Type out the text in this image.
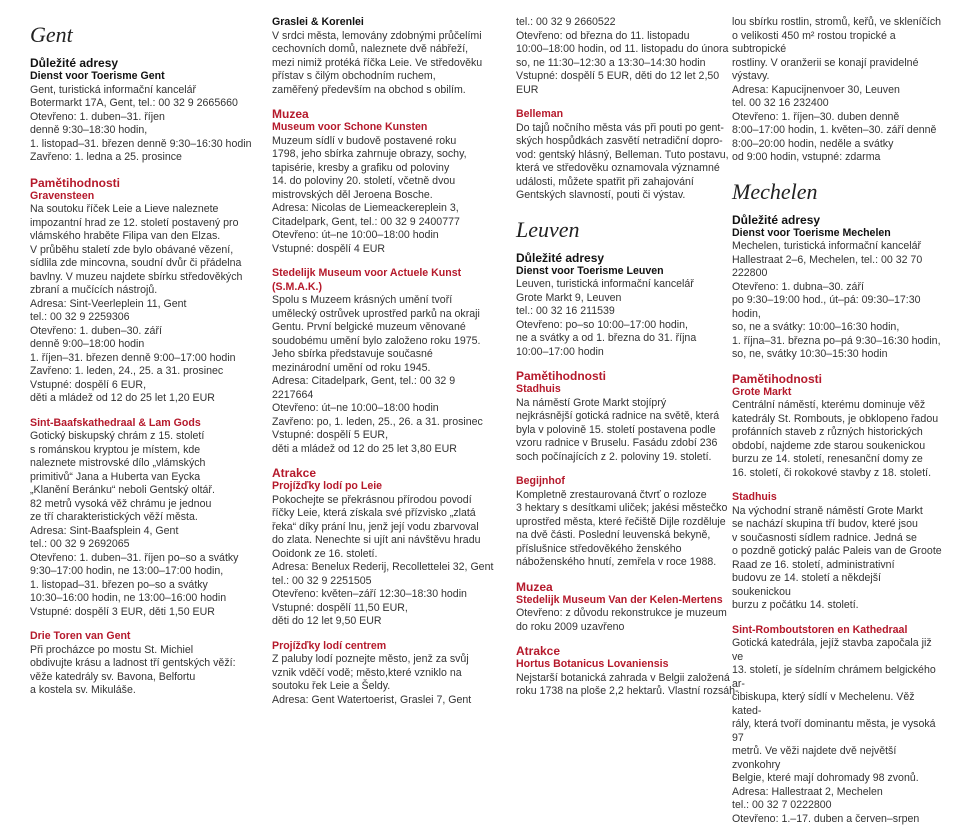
Gent
Důležité adresy
Dienst voor Toerisme Gent
Gent, turistická informační kancelář
Botermarkt 17A, Gent, tel.: 00 32 9 2665660
Otevřeno: 1. duben–31. říjen
denně 9:30–18:30 hodin,
1. listopad–31. březen denně 9:30–16:30 hodin
Zavřeno: 1. ledna a 25. prosince
Pamětihodnosti
Gravensteen
Na soutoku říček Leie a Lieve naleznete
impozantní hrad ze 12. století postavený pro
vlámského hraběte Filipa van den Elzas.
V průběhu staletí zde bylo obávané vězení,
sídlila zde mincovna, soudní dvůr či přádelna
bavlny. V muzeu najdete sbírku středověkých
zbraní a mučících nástrojů.
Adresa: Sint-Veerleplein 11, Gent
tel.: 00 32 9 2259306
Otevřeno: 1. duben–30. září
denně 9:00–18:00 hodin
1. říjen–31. březen denně 9:00–17:00 hodin
Zavřeno: 1. leden, 24., 25. a 31. prosinec
Vstupné: dospělí 6 EUR,
děti a mládež od 12 do 25 let 1,20 EUR
Sint-Baafskathedraal & Lam Gods
Gotický biskupský chrám z 15. století
s románskou kryptou je místem, kde
naleznete mistrovské dílo „vlámských
primitivů“ Jana a Huberta van Eycka
„Klanění Beránku“ neboli Gentský oltář.
82 metrů vysoká věž chrámu je jednou
ze tří charakteristických věží města.
Adresa: Sint-Baafsplein 4, Gent
tel.: 00 32 9 2692065
Otevřeno: 1. duben–31. říjen po–so a svátky
9:30–17:00 hodin, ne 13:00–17:00 hodin,
1. listopad–31. březen po–so a svátky
10:30–16:00 hodin, ne 13:00–16:00 hodin
Vstupné: dospělí 3 EUR, děti 1,50 EUR
Drie Toren van Gent
Při procházce po mostu St. Michiel
obdivujte krásu a ladnost tří gentských věží:
věže katedrály sv. Bavona, Belfortu
a kostela sv. Mikuláše.
Graslei & Korenlei
V srdci města, lemovány zdobnými průčelími
cechovních domů, naleznete dvě nábřeží,
mezi nimiž protéká říčka Leie. Ve středověku
přístav s čilým obchodním ruchem,
zaměřený především na obchod s obilím.
Muzea
Museum voor Schone Kunsten
Muzeum sídlí v budově postavené roku
1798, jeho sbírka zahrnuje obrazy, sochy,
tapisérie, kresby a grafiku od poloviny
14. do poloviny 20. století, včetně dvou
mistrovských děl Jeroena Bosche.
Adresa: Nicolas de Liemeackereplein 3,
Citadelpark, Gent, tel.: 00 32 9 2400777
Otevřeno: út–ne 10:00–18:00 hodin
Vstupné: dospělí 4 EUR
Stedelijk Museum voor Actuele Kunst (S.M.A.K.)
Spolu s Muzeem krásných umění tvoří
umělecký ostrůvek uprostřed parků na okraji
Gentu. První belgické muzeum věnované
soudobému umění bylo založeno roku 1975.
Jeho sbírka představuje současné
mezinárodní umění od roku 1945.
Adresa: Citadelpark, Gent, tel.: 00 32 9 2217664
Otevřeno: út–ne 10:00–18:00 hodin
Zavřeno: po, 1. leden, 25., 26. a 31. prosinec
Vstupné: dospělí 5 EUR,
děti a mládež od 12 do 25 let 3,80 EUR
Atrakce
Projížďky lodí po Leie
Pokochejte se překrásnou přírodou povodí
říčky Leie, která získala své přízvisko „zlatá
řeka“ díky prání lnu, jenž její vodu zbarvoval
do zlata. Nenechte si ujít ani návštěvu hradu
Ooidonk ze 16. století.
Adresa: Benelux Rederij, Recollettelei 32, Gent
tel.: 00 32 9 2251505
Otevřeno: květen–září 12:30–18:30 hodin
Vstupné: dospělí 11,50 EUR,
děti do 12 let 9,50 EUR
Projížďky lodí centrem
Z paluby lodí poznejte město, jenž za svůj
vznik vděčí vodě; město,které vzniklo na
soutoku řek Leie a Šeldy.
Adresa: Gent Watertoerist, Graslei 7, Gent
tel.: 00 32 9 2660522
Otevřeno: od března do 11. listopadu
10:00–18:00 hodin, od 11. listopadu do února
so, ne 11:30–12:30 a 13:30–14:30 hodin
Vstupné: dospělí 5 EUR, děti do 12 let 2,50 EUR
Belleman
Do tajů nočního města vás při pouti po gent-
ských hospůdkách zasvětí netradiční dopro-
vod: gentský hlásný, Belleman. Tuto postavu,
která ve středověku oznamovala významné
události, můžete spatřit při zahajování
Gentských slavností, pouti či výstav.
Leuven
Důležité adresy
Dienst voor Toerisme Leuven
Leuven, turistická informační kancelář
Grote Markt 9, Leuven
tel.: 00 32 16 211539
Otevřeno: po–so 10:00–17:00 hodin,
ne a svátky a od 1. března do 31. října
10:00–17:00 hodin
Pamětihodnosti
Stadhuis
Na náměstí Grote Markt stojíprý
nejkrásnější gotická radnice na světě, která
byla v polovině 15. století postavena podle
vzoru radnice v Bruselu. Fasádu zdobí 236
soch počínajících z 2. poloviny 19. století.
Begijnhof
Kompletně zrestaurovaná čtvrť o rozloze
3 hektary s desítkami uliček; jakési městečko
uprostřed města, které řečiště Dijle rozděluje
na dvě části. Poslední leuvenská bekyně,
příslušnice středověkého ženského
náboženského hnutí, zemřela v roce 1988.
Muzea
Stedelijk Museum Van der Kelen-Mertens
Otevřeno: z důvodu rekonstrukce je muzeum
do roku 2009 uzavřeno
Atrakce
Hortus Botanicus Lovaniensis
Nejstarší botanická zahrada v Belgii založená
roku 1738 na ploše 2,2 hektarů. Vlastní rozsáh-
lou sbírku rostlin, stromů, keřů, ve skleníčích
o velikosti 450 m² rostou tropické a subtropické
rostliny. V oranžerii se konají pravidelné výstavy.
Adresa: Kapucijnenvoer 30, Leuven
tel. 00 32 16 232400
Otevřeno: 1. říjen–30. duben denně
8:00–17:00 hodin, 1. květen–30. září denně
8:00–20:00 hodin, neděle a svátky
od 9:00 hodin, vstupné: zdarma
Mechelen
Důležité adresy
Dienst voor Toerisme Mechelen
Mechelen, turistická informační kancelář
Hallestraat 2–6, Mechelen, tel.: 00 32 70 222800
Otevřeno: 1. dubna–30. září
po 9:30–19:00 hod., út–pá: 09:30–17:30 hodin,
so, ne a svátky: 10:00–16:30 hodin,
1. října–31. března po–pá 9:30–16:30 hodin,
so, ne, svátky 10:30–15:30 hodin
Pamětihodnosti
Grote Markt
Centrální náměstí, kterému dominuje věž
katedrály St. Rombouts, je obklopeno řadou
profánních staveb z různých historických
období, najdeme zde starou soukenickou
burzu ze 14. století, renesanční domy ze
16. století, či rokokové stavby z 18. století.
Stadhuis
Na východní straně náměstí Grote Markt
se nachází skupina tří budov, které jsou
v současnosti sídlem radnice. Jedná se
o pozdně gotický palác Paleis van de Groote
Raad ze 16. století, administrativní
budovu ze 14. století a někdejší soukenickou
burzu z počátku 14. století.
Sint-Romboutstoren en Kathedraal
Gotická katedrála, jejíž stavba započala již ve
13. století, je sídelním chrámem belgického ar-
cibiskupa, který sídlí v Mechelenu. Věž kated-
rály, která tvoří dominantu města, je vysoká 97
metrů. Ve věži najdete dvě největší zvonkohry
Belgie, které mají dohromady 98 zvonů.
Adresa: Hallestraat 2, Mechelen
tel.: 00 32 7 0222800
Otevřeno: 1.–17. duben a červen–srpen
